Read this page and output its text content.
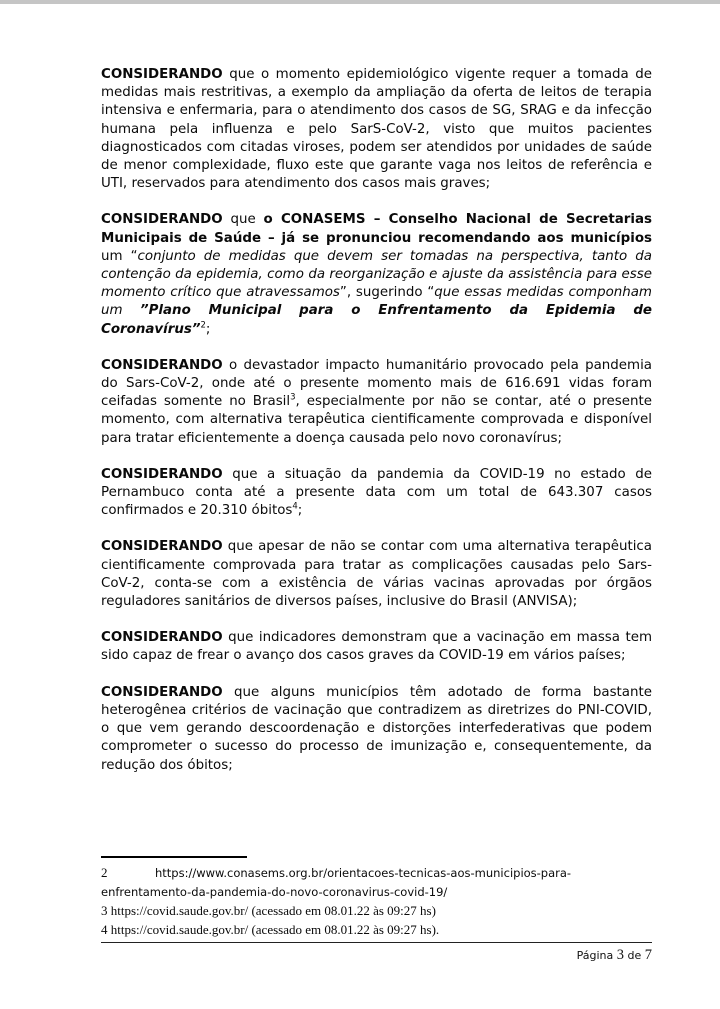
CONSIDERANDO que o momento epidemiológico vigente requer a tomada de medidas mais restritivas, a exemplo da ampliação da oferta de leitos de terapia intensiva e enfermaria, para o atendimento dos casos de SG, SRAG e da infecção humana pela influenza e pelo SarS-CoV-2, visto que muitos pacientes diagnosticados com citadas viroses, podem ser atendidos por unidades de saúde de menor complexidade, fluxo este que garante vaga nos leitos de referência e UTI, reservados para atendimento dos casos mais graves;

CONSIDERANDO que o CONASEMS – Conselho Nacional de Secretarias Municipais de Saúde – já se pronunciou recomendando aos municípios um “conjunto de medidas que devem ser tomadas na perspectiva, tanto da contenção da epidemia, como da reorganização e ajuste da assistência para esse momento crítico que atravessamos”, sugerindo “que essas medidas componham um ”Plano Municipal para o Enfrentamento da Epidemia de Coronavírus”$^2$;

CONSIDERANDO o devastador impacto humanitário provocado pela pandemia do Sars-CoV-2, onde até o presente momento mais de 616.691 vidas foram ceifadas somente no Brasil$^3$, especialmente por não se contar, até o presente momento, com alternativa terapêutica cientificamente comprovada e disponível para tratar eficientemente a doença causada pelo novo coronavírus;

CONSIDERANDO que a situação da pandemia da COVID-19 no estado de Pernambuco conta até a presente data com um total de 643.307 casos confirmados e 20.310 óbitos$^4$;

CONSIDERANDO que apesar de não se contar com uma alternativa terapêutica cientificamente comprovada para tratar as complicações causadas pelo Sars-CoV-2, conta-se com a existência de várias vacinas aprovadas por órgãos reguladores sanitários de diversos países, inclusive do Brasil (ANVISA);

CONSIDERANDO que indicadores demonstram que a vacinação em massa tem sido capaz de frear o avanço dos casos graves da COVID-19 em vários países;

CONSIDERANDO que alguns municípios têm adotado de forma bastante heterogênea critérios de vacinação que contradizem as diretrizes do PNI-COVID, o que vem gerando descoordenação e distorções interfederativas que podem comprometer o sucesso do processo de imunização e, consequentemente, da redução dos óbitos;

2	https://www.conasems.org.br/orientacoes-tecnicas-aos-municipios-para-enfrentamento-da-pandemia-do-novo-coronavirus-covid-19/
3 https://covid.saude.gov.br/ (acessado em 08.01.22 às 09:27 hs)
4 https://covid.saude.gov.br/ (acessado em 08.01.22 às 09:27 hs).
Página 3 de 7
